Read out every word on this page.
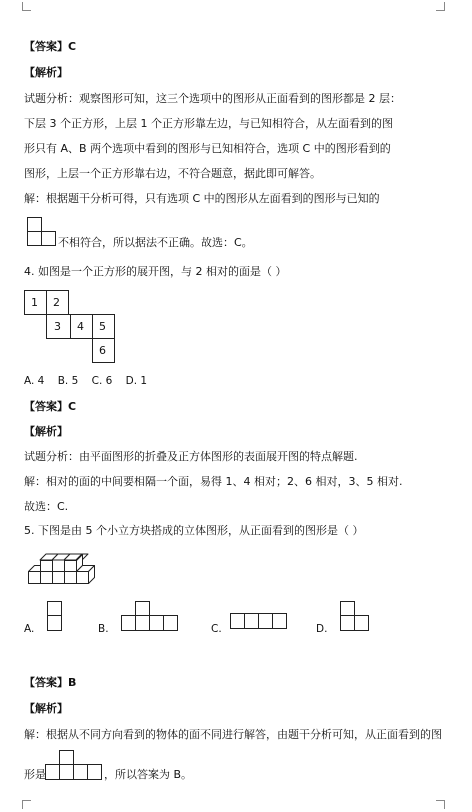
【答案】C
【解析】
试题分析：观察图形可知，这三个选项中的图形从正面看到的图形都是 2 层：
下层 3 个正方形，上层 1 个正方形靠左边，与已知相符合，从左面看到的图
形只有 A、B 两个选项中看到的图形与已知相符合，选项 C 中的图形看到的
图形，上层一个正方形靠右边，不符合题意，据此即可解答。
解：根据题干分析可得，只有选项 C 中的图形从左面看到的图形与已知的
不相符合，所以据法不正确。故选：C。
4. 如图是一个正方形的展开图，与 2 相对的面是（ ）
1 2
3 4 5
6
A. 4    B. 5    C. 6    D. 1
【答案】C
【解析】
试题分析：由平面图形的折叠及正方体图形的表面展开图的特点解题.
解：相对的面的中间要相隔一个面，易得 1、4 相对；2、6 相对，3、5 相对.
故选：C.
5. 下图是由 5 个小立方块搭成的立体图形，从正面看到的图形是（ ）
A.	B.	C.	D.
【答案】B
【解析】
解：根据从不同方向看到的物体的面不同进行解答，由题干分析可知，从正面看到的图
形是	，所以答案为 B。
